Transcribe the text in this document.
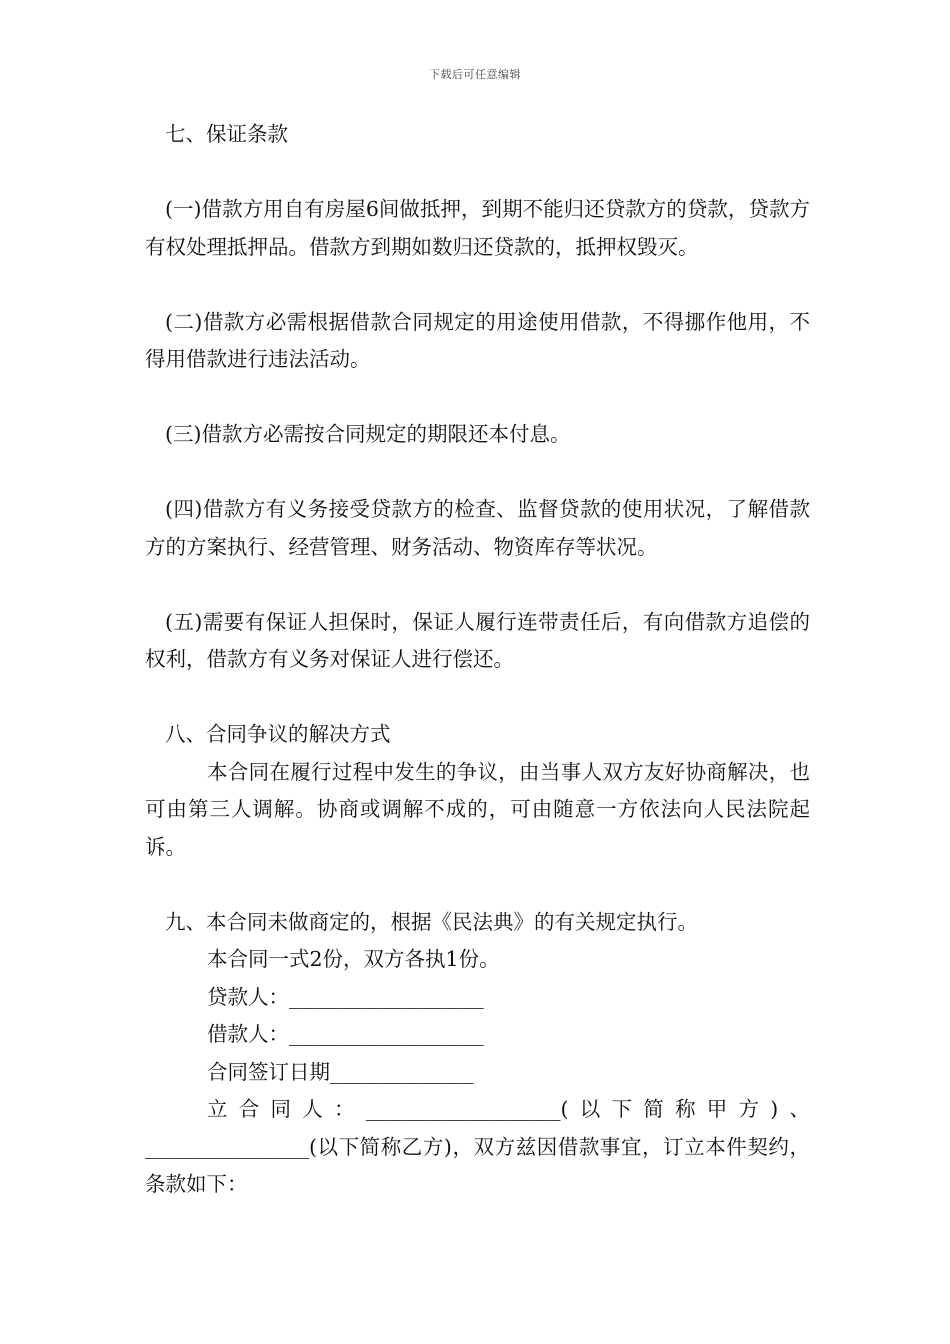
下载后可任意编辑

七、保证条款

(一)借款方用自有房屋6间做抵押，到期不能归还贷款方的贷款，贷款方有权处理抵押品。借款方到期如数归还贷款的，抵押权毁灭。

(二)借款方必需根据借款合同规定的用途使用借款，不得挪作他用，不得用借款进行违法活动。

(三)借款方必需按合同规定的期限还本付息。

(四)借款方有义务接受贷款方的检查、监督贷款的使用状况，了解借款方的方案执行、经营管理、财务活动、物资库存等状况。

(五)需要有保证人担保时，保证人履行连带责任后，有向借款方追偿的权利，借款方有义务对保证人进行偿还。

八、合同争议的解决方式

本合同在履行过程中发生的争议，由当事人双方友好协商解决，也可由第三人调解。协商或调解不成的，可由随意一方依法向人民法院起诉。

九、本合同未做商定的，根据《民法典》的有关规定执行。

本合同一式2份，双方各执1份。

贷款人：___________________

借款人：___________________

合同签订日期______________

立合同人：___________________(以下简称甲方)、________________(以下简称乙方)，双方兹因借款事宜，订立本件契约，条款如下：
